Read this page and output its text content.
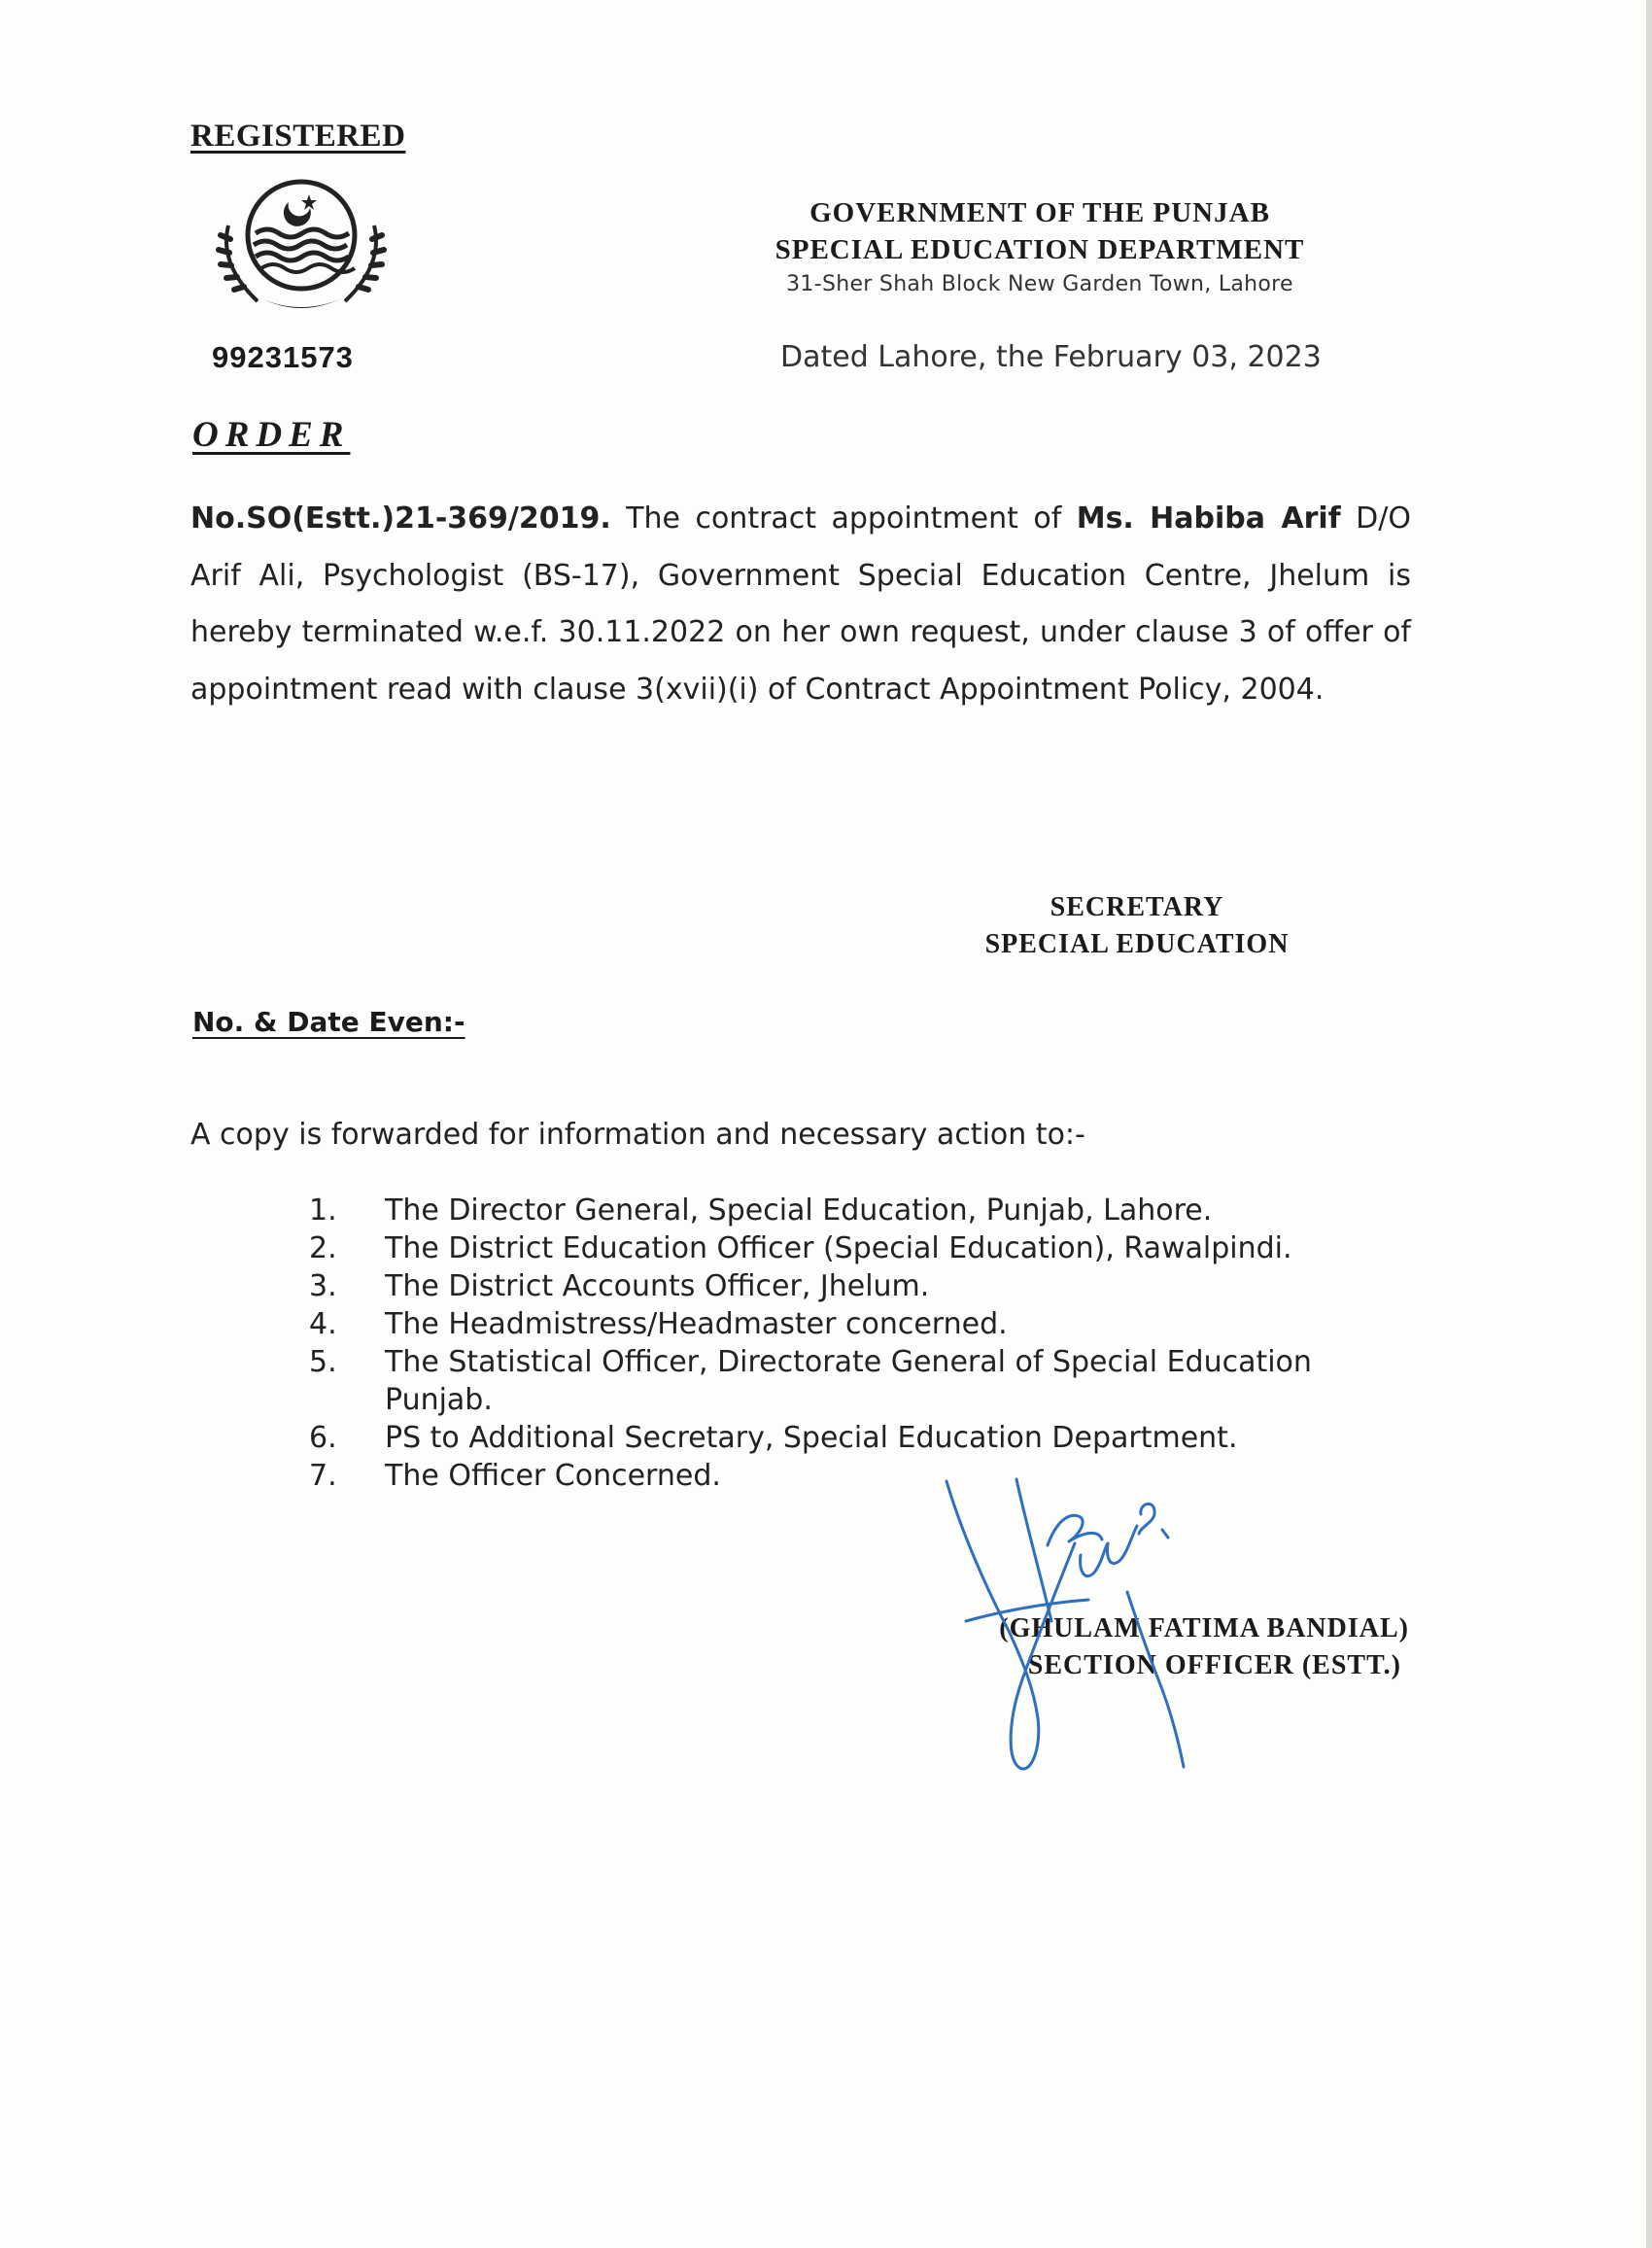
REGISTERED
99231573
GOVERNMENT OF THE PUNJAB
SPECIAL EDUCATION DEPARTMENT
31-Sher Shah Block New Garden Town, Lahore
Dated Lahore, the February 03, 2023
ORDER
No.SO(Estt.)21-369/2019. The contract appointment of Ms. Habiba Arif D/O Arif Ali, Psychologist (BS-17), Government Special Education Centre, Jhelum is hereby terminated w.e.f. 30.11.2022 on her own request, under clause 3 of offer of appointment read with clause 3(xvii)(i) of Contract Appointment Policy, 2004.
SECRETARY
SPECIAL EDUCATION
No. & Date Even:-
A copy is forwarded for information and necessary action to:-
1.	The Director General, Special Education, Punjab, Lahore.
2.	The District Education Officer (Special Education), Rawalpindi.
3.	The District Accounts Officer, Jhelum.
4.	The Headmistress/Headmaster concerned.
5.	The Statistical Officer, Directorate General of Special Education Punjab.
6.	PS to Additional Secretary, Special Education Department.
7.	The Officer Concerned.
(GHULAM FATIMA BANDIAL)
SECTION OFFICER (ESTT.)
